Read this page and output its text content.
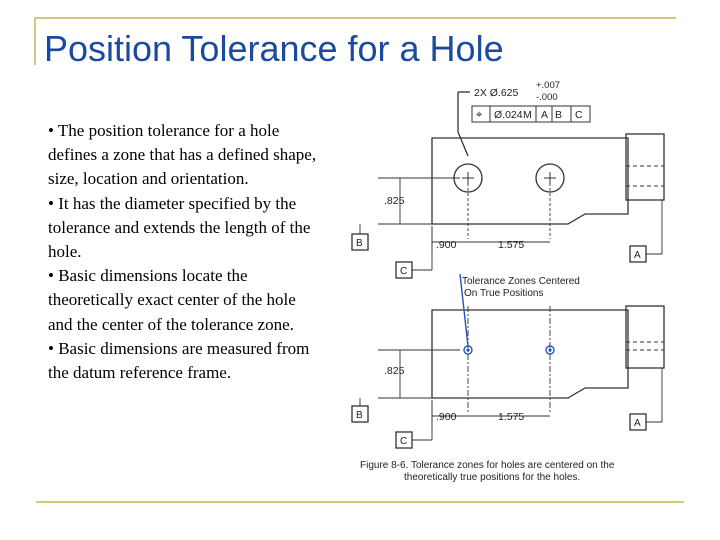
Position Tolerance for a Hole

• The position tolerance for a hole defines a zone that has a defined shape, size, location and orientation.

• It has the diameter specified by the tolerance and extends the length of the hole.

• Basic dimensions locate the theoretically exact center of the hole and the center of the tolerance zone.

• Basic dimensions are measured from the datum reference frame.

2X Ø.625
+.007
-.000
⌖ Ø.024 M A B C
.825
.900	1.575
B
C
A
Tolerance Zones Centered
On True Positions
.825
.900	1.575
B
C
A
Figure 8-6. Tolerance zones for holes are centered on the
theoretically true positions for the holes.
